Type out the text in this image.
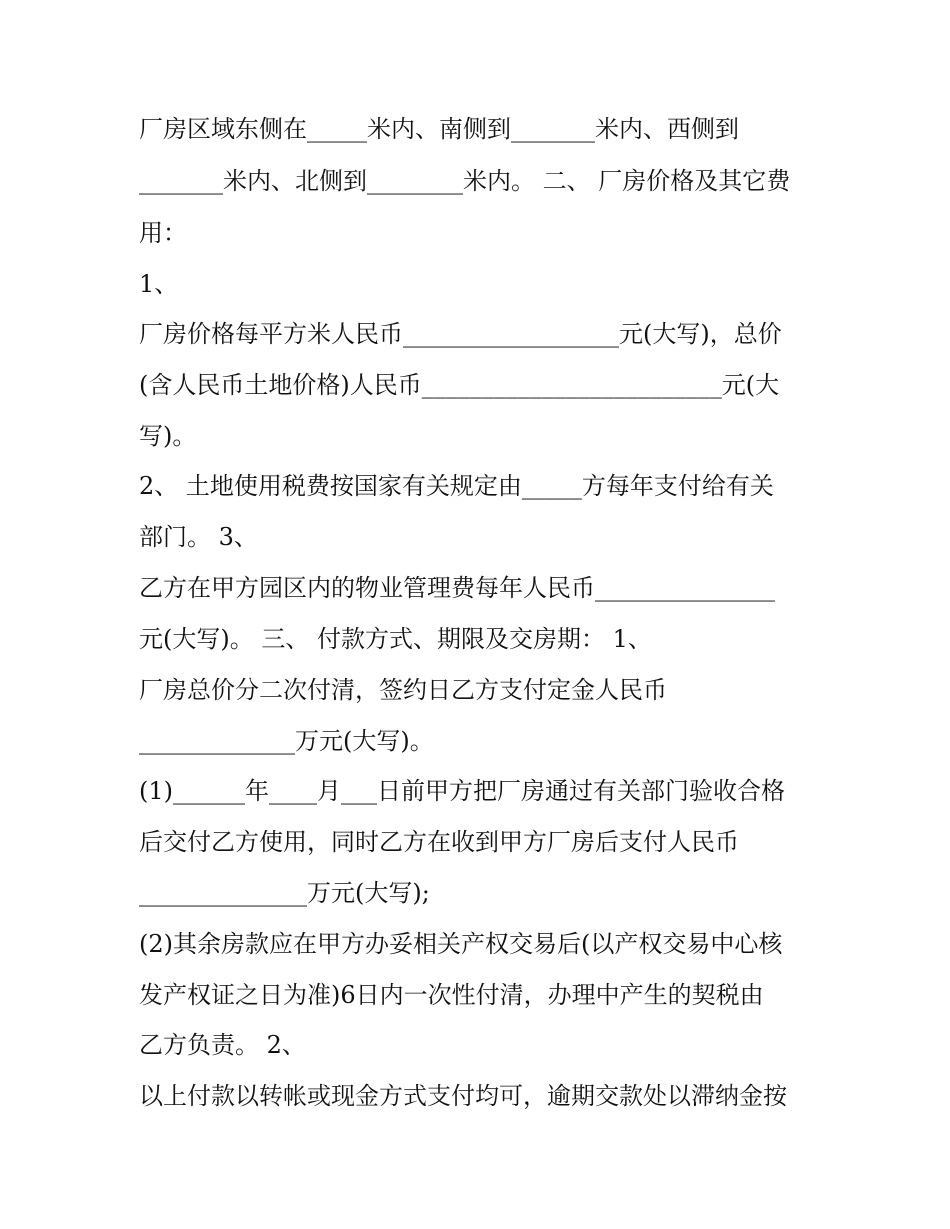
厂房区域东侧在_____米内、南侧到_______米内、西侧到

_______米内、北侧到________米内。 二、 厂房价格及其它费

用：

1、

厂房价格每平方米人民币__________________元(大写)，总价

(含人民币土地价格)人民币_________________________元(大

写)。

2、 土地使用税费按国家有关规定由_____方每年支付给有关

部门。 3、

乙方在甲方园区内的物业管理费每年人民币_______________

元(大写)。 三、 付款方式、期限及交房期： 1、

厂房总价分二次付清，签约日乙方支付定金人民币

_____________万元(大写)。

(1)______年____月___日前甲方把厂房通过有关部门验收合格

后交付乙方使用，同时乙方在收到甲方厂房后支付人民币

______________万元(大写);

(2)其余房款应在甲方办妥相关产权交易后(以产权交易中心核

发产权证之日为准)6日内一次性付清，办理中产生的契税由

乙方负责。 2、

以上付款以转帐或现金方式支付均可，逾期交款处以滞纳金按
